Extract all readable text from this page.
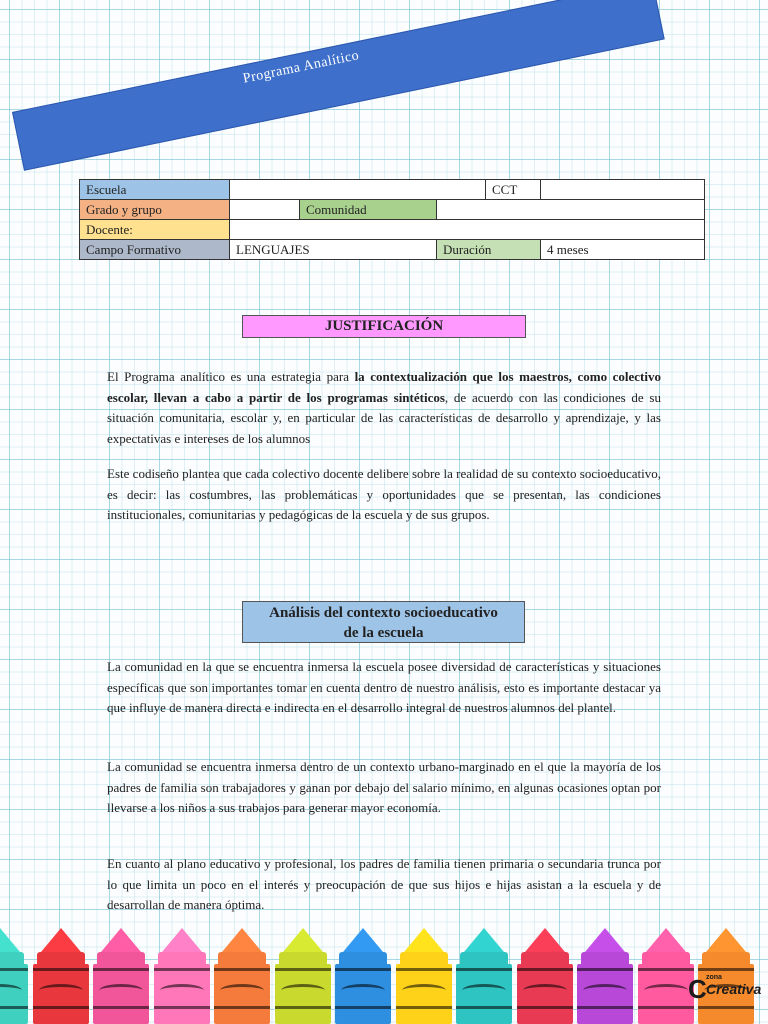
Programa Analítico
Escuela				CCT	
Grado y grupo		Comunidad			
Docente:					
Campo Formativo	LENGUAJES		Duración		4 meses
JUSTIFICACIÓN

El Programa analítico es una estrategia para la contextualización que los maestros, como colectivo escolar, llevan a cabo a partir de los programas sintéticos, de acuerdo con las condiciones de su situación comunitaria, escolar y, en particular de las características de desarrollo y aprendizaje, y las expectativas e intereses de los alumnos

Este codiseño plantea que cada colectivo docente delibere sobre la realidad de su contexto socioeducativo, es decir: las costumbres, las problemáticas y oportunidades que se presentan, las condiciones institucionales, comunitarias y pedagógicas de la escuela y de sus grupos.

Análisis del contexto socioeducativo
de la escuela

La comunidad en la que se encuentra inmersa la escuela posee diversidad de características y situaciones específicas que son importantes tomar en cuenta dentro de nuestro análisis, esto es importante destacar ya que influye de manera directa e indirecta en el desarrollo integral de nuestros alumnos del plantel.

La comunidad se encuentra inmersa dentro de un contexto urbano-marginado en el que la mayoría de los padres de familia son trabajadores y ganan por debajo del salario mínimo, en algunas ocasiones optan por llevarse a los niños a sus trabajos para generar mayor economía.

En cuanto al plano educativo y profesional, los padres de familia tienen primaria o secundaria trunca por lo que limita un poco en el interés y preocupación de que sus hijos e hijas asistan a la escuela y de desarrollan de manera óptima.

C zona
Creativa
